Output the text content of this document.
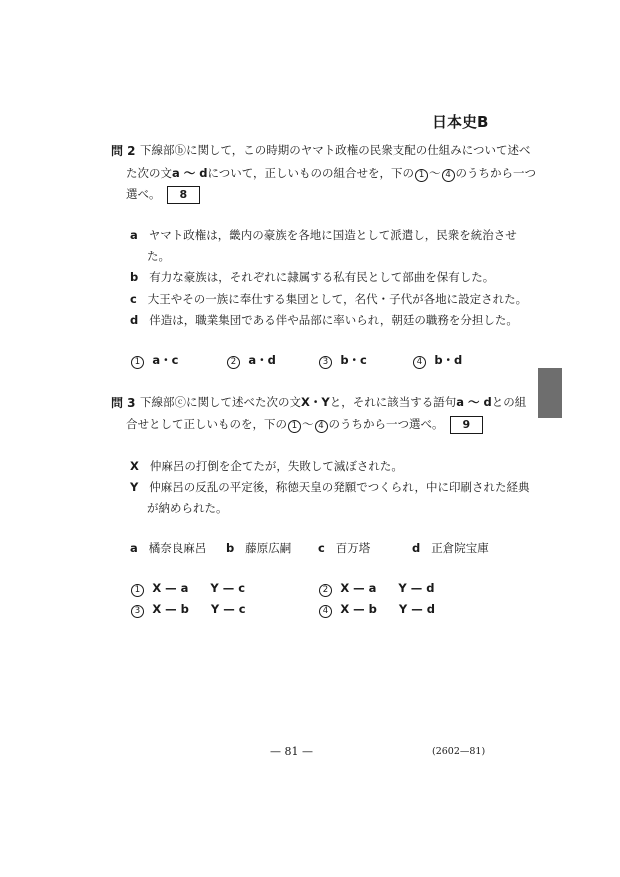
日本史B
問 2 下線部ⓑに関して，この時期のヤマト政権の民衆支配の仕組みについて述べ
た次の文a ～ dについて，正しいものの組合せを，下の 1 ～ 4 のうちから一つ
選べ。 8
a ヤマト政権は，畿内の豪族を各地に国造として派遣し，民衆を統治させ
た。
b 有力な豪族は，それぞれに隷属する私有民として部曲を保有した。
c 大王やその一族に奉仕する集団として，名代・子代が各地に設定された。
d 伴造は，職業集団である伴や品部に率いられ，朝廷の職務を分担した。
1 a・c	2 a・d	3 b・c	4 b・d
問 3 下線部ⓒに関して述べた次の文X・Yと，それに該当する語句a ～ dとの組
合せとして正しいものを，下の 1 ～ 4 のうちから一つ選べ。 9
X 仲麻呂の打倒を企てたが，失敗して滅ぼされた。
Y 仲麻呂の反乱の平定後，称徳天皇の発願でつくられ，中に印刷された経典
が納められた。
a 橘奈良麻呂 b 藤原広嗣 c 百万塔	d 正倉院宝庫
1 X — a Y — c	2 X — a Y — d
3 X — b Y — c	4 X — b Y — d
— 81 —	(2602—81)
